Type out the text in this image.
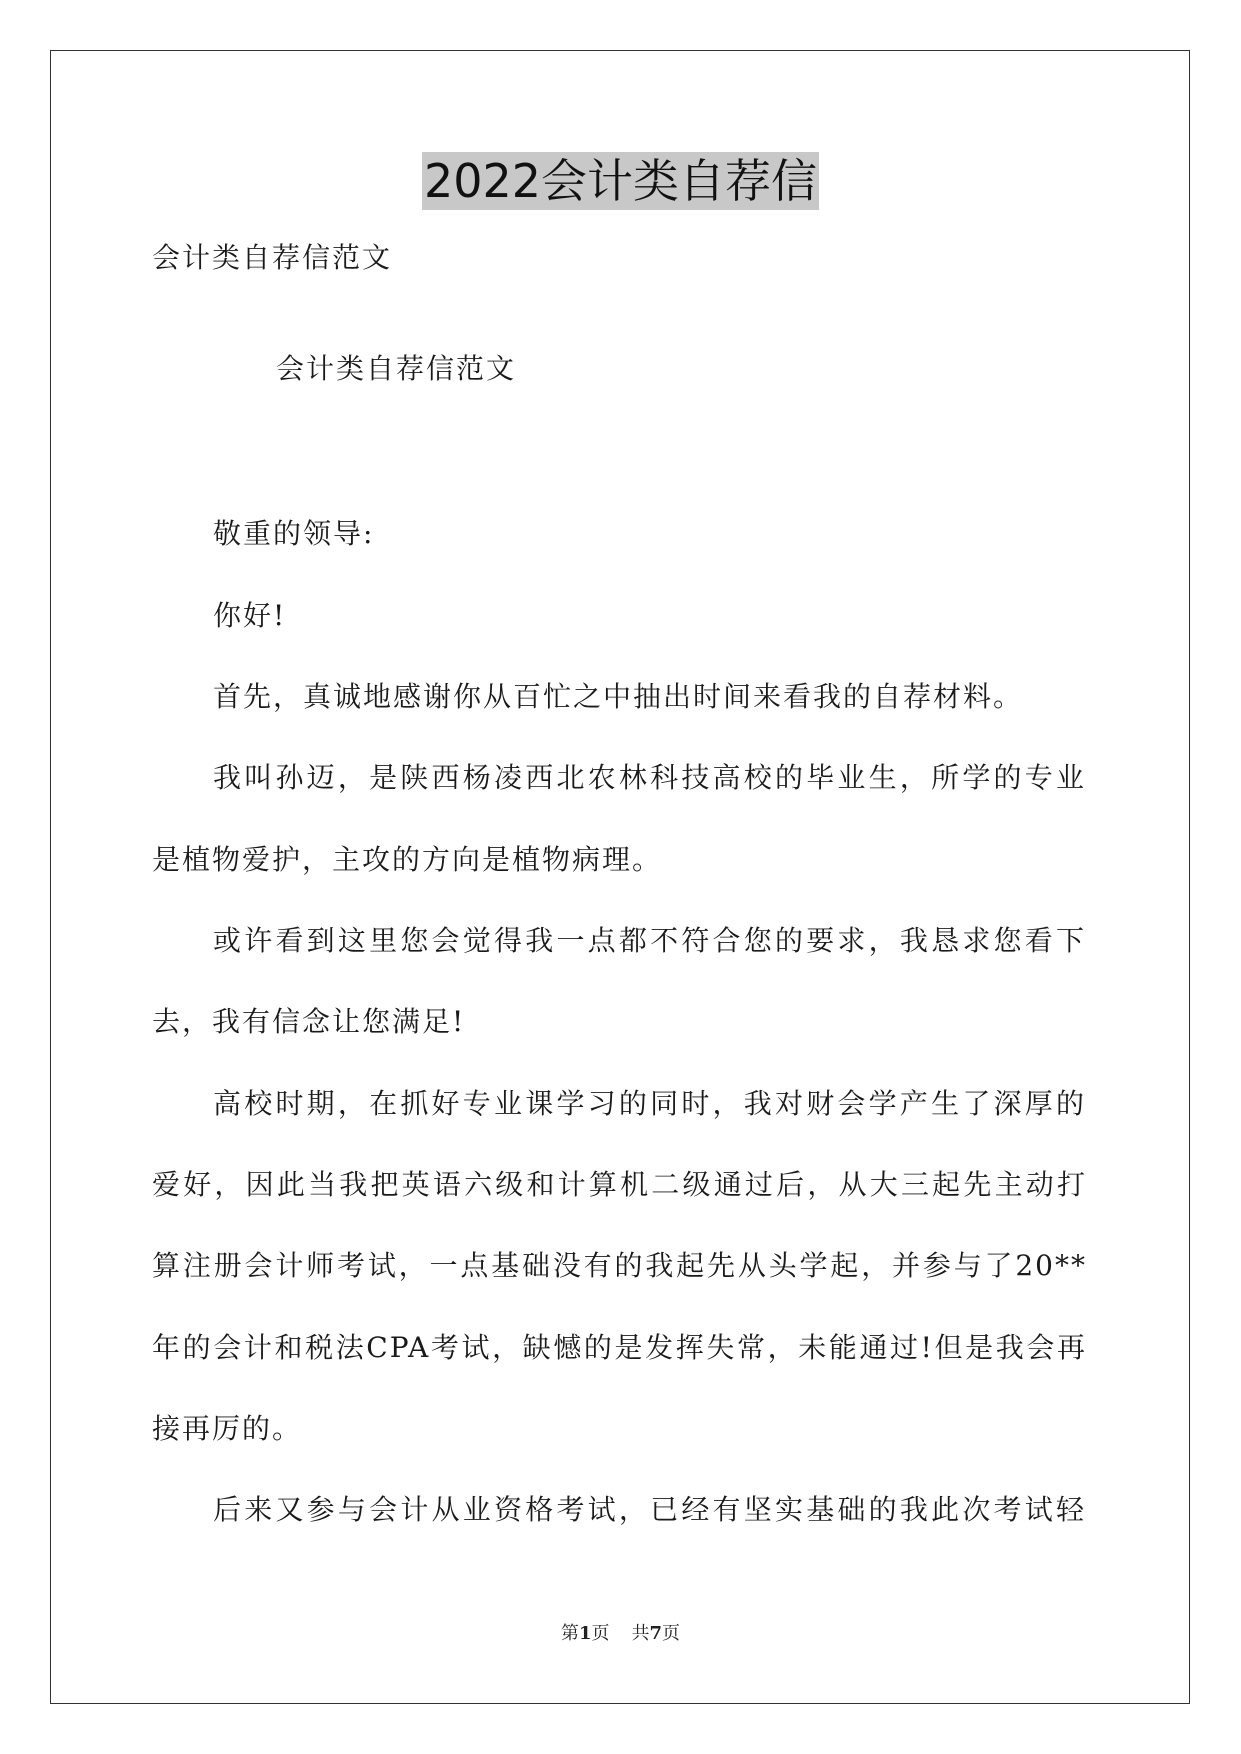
2022会计类自荐信
会计类自荐信范文
会计类自荐信范文
敬重的领导:
你好!
首先，真诚地感谢你从百忙之中抽出时间来看我的自荐材料。
我叫孙迈，是陕西杨凌西北农林科技高校的毕业生，所学的专业
是植物爱护，主攻的方向是植物病理。
或许看到这里您会觉得我一点都不符合您的要求，我恳求您看下
去，我有信念让您满足!
高校时期，在抓好专业课学习的同时，我对财会学产生了深厚的
爱好，因此当我把英语六级和计算机二级通过后，从大三起先主动打
算注册会计师考试，一点基础没有的我起先从头学起，并参与了20**
年的会计和税法CPA考试，缺憾的是发挥失常，未能通过!但是我会再
接再厉的。
后来又参与会计从业资格考试，已经有坚实基础的我此次考试轻
第1页 共7页
